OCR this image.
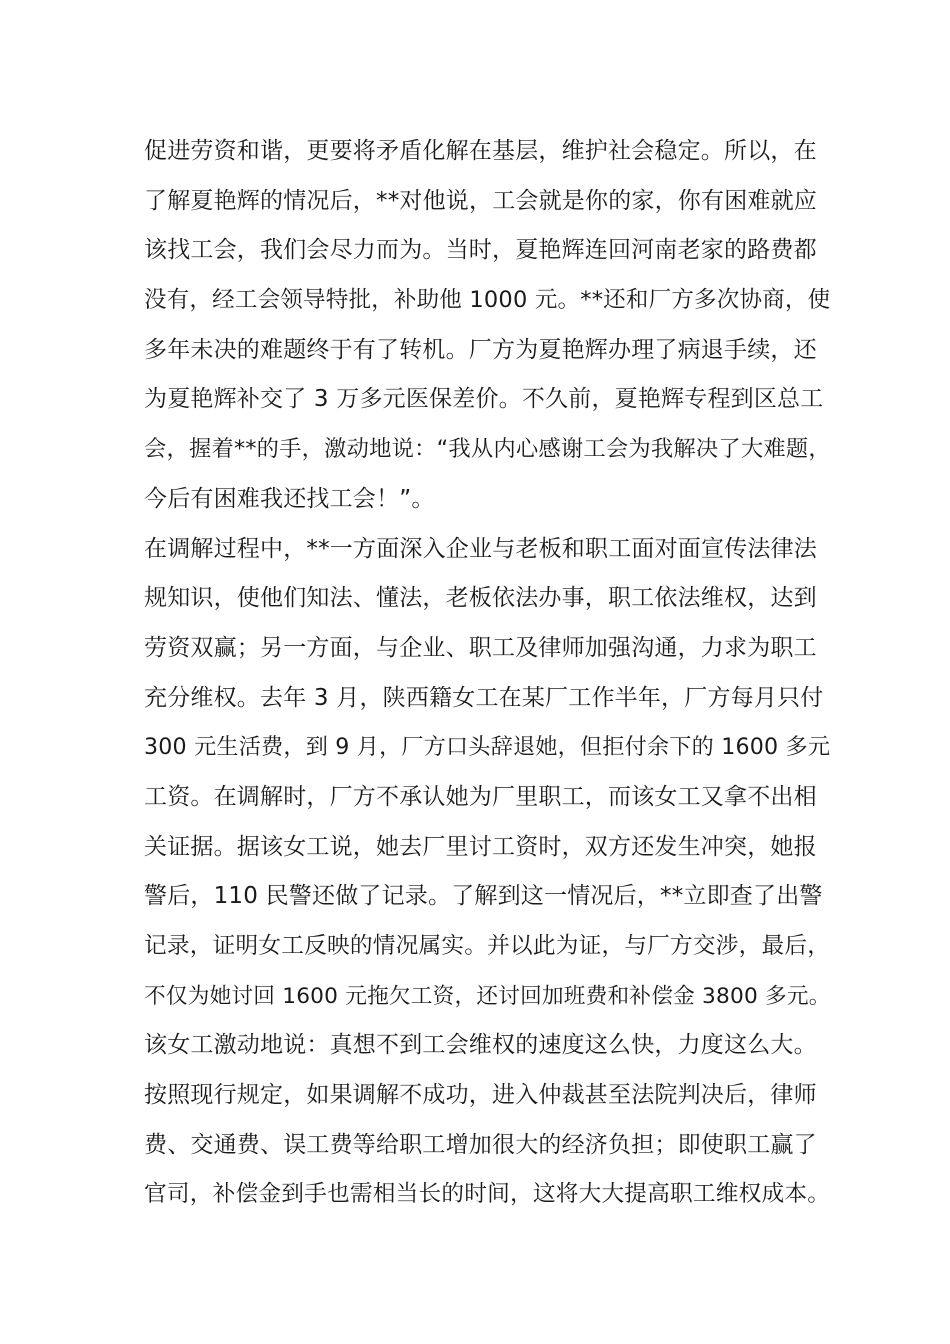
促进劳资和谐，更要将矛盾化解在基层，维护社会稳定。所以，在
了解夏艳辉的情况后，**对他说，工会就是你的家，你有困难就应
该找工会，我们会尽力而为。当时，夏艳辉连回河南老家的路费都
没有，经工会领导特批，补助他 1000 元。**还和厂方多次协商，使
多年未决的难题终于有了转机。厂方为夏艳辉办理了病退手续，还
为夏艳辉补交了 3 万多元医保差价。不久前，夏艳辉专程到区总工
会，握着**的手，激动地说：“我从内心感谢工会为我解决了大难题，
今后有困难我还找工会！”。
在调解过程中，**一方面深入企业与老板和职工面对面宣传法律法
规知识，使他们知法、懂法，老板依法办事，职工依法维权，达到
劳资双赢；另一方面，与企业、职工及律师加强沟通，力求为职工
充分维权。去年 3 月，陕西籍女工在某厂工作半年，厂方每月只付
300 元生活费，到 9 月，厂方口头辞退她，但拒付余下的 1600 多元
工资。在调解时，厂方不承认她为厂里职工，而该女工又拿不出相
关证据。据该女工说，她去厂里讨工资时，双方还发生冲突，她报
警后，110 民警还做了记录。了解到这一情况后，**立即查了出警
记录，证明女工反映的情况属实。并以此为证，与厂方交涉，最后，
不仅为她讨回 1600 元拖欠工资，还讨回加班费和补偿金 3800 多元。
该女工激动地说：真想不到工会维权的速度这么快，力度这么大。
按照现行规定，如果调解不成功，进入仲裁甚至法院判决后，律师
费、交通费、误工费等给职工增加很大的经济负担；即使职工赢了
官司，补偿金到手也需相当长的时间，这将大大提高职工维权成本。
